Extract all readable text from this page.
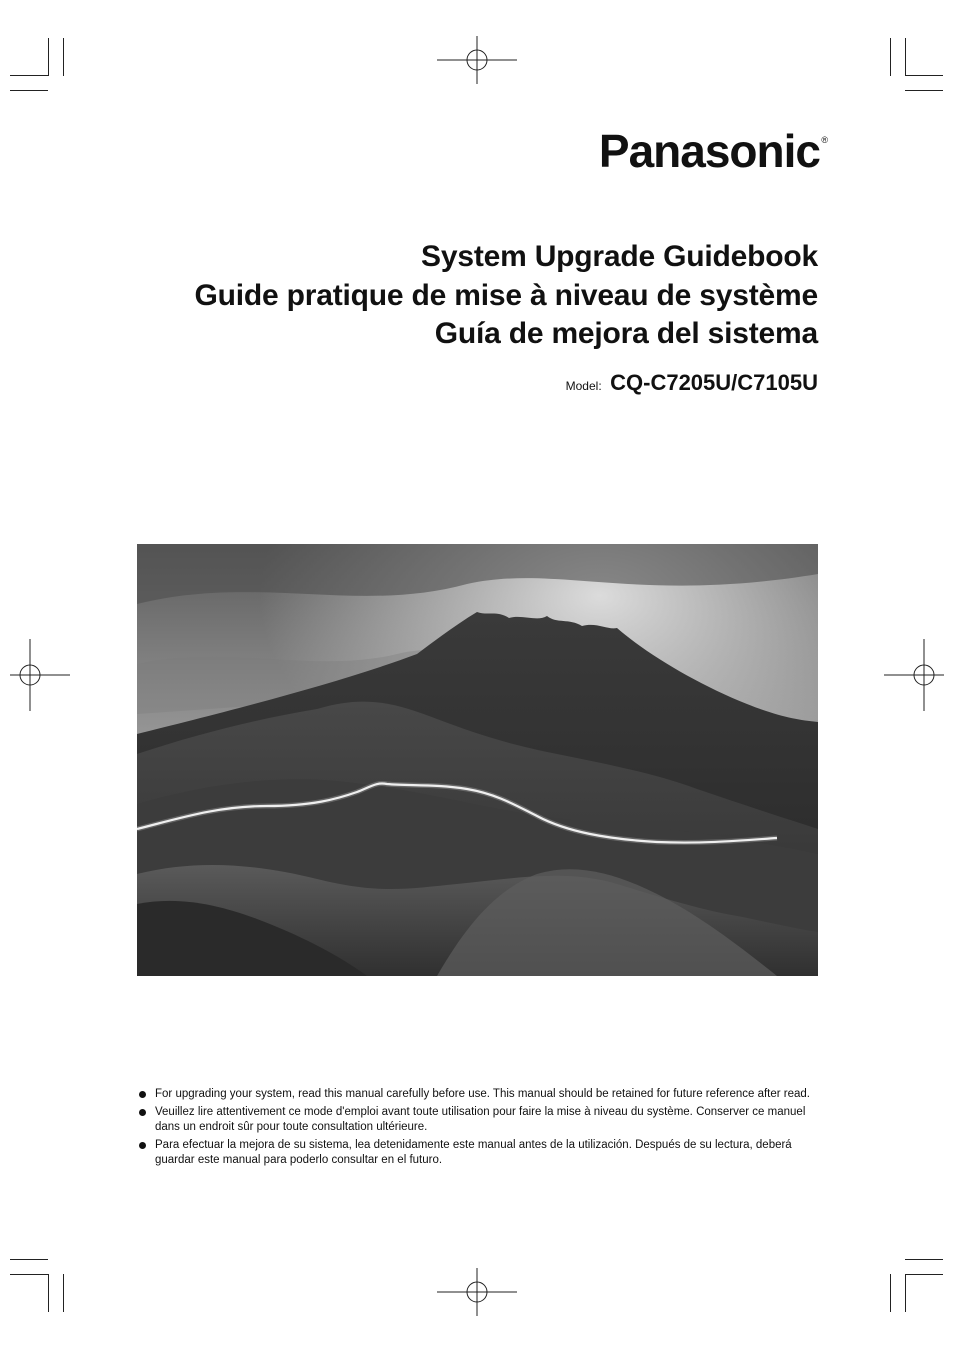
Panasonic ®
System Upgrade Guidebook
Guide pratique de mise à niveau de système
Guía de mejora del sistema
Model: CQ-C7205U/C7105U
For upgrading your system, read this manual carefully before use. This manual should be retained for future reference after read.
Veuillez lire attentivement ce mode d'emploi avant toute utilisation pour faire la mise à niveau du système. Conserver ce manuel dans un endroit sûr pour toute consultation ultérieure.
Para efectuar la mejora de su sistema, lea detenidamente este manual antes de la utilización. Después de su lectura, deberá guardar este manual para poderlo consultar en el futuro.
